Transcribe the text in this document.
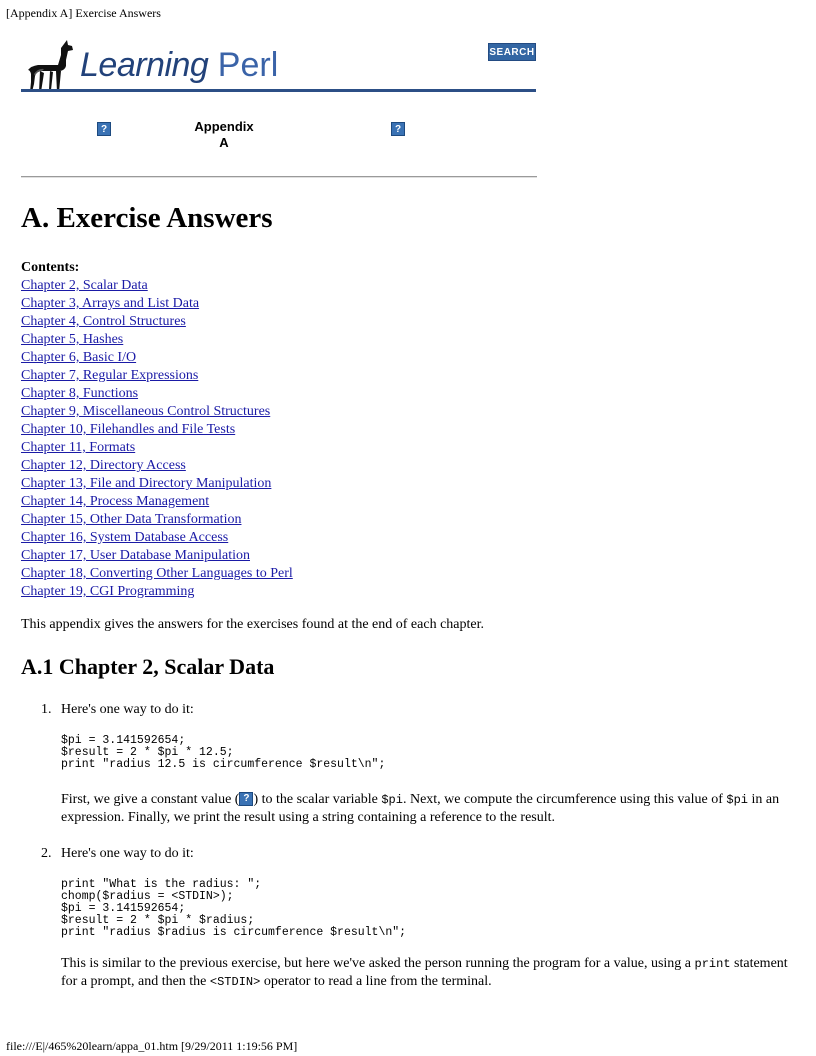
[Appendix A] Exercise Answers
Learning Perl	SEARCH
?	Appendix
A
?
A. Exercise Answers
Contents:
Chapter 2, Scalar Data
Chapter 3, Arrays and List Data
Chapter 4, Control Structures
Chapter 5, Hashes
Chapter 6, Basic I/O
Chapter 7, Regular Expressions
Chapter 8, Functions
Chapter 9, Miscellaneous Control Structures
Chapter 10, Filehandles and File Tests
Chapter 11, Formats
Chapter 12, Directory Access
Chapter 13, File and Directory Manipulation
Chapter 14, Process Management
Chapter 15, Other Data Transformation
Chapter 16, System Database Access
Chapter 17, User Database Manipulation
Chapter 18, Converting Other Languages to Perl
Chapter 19, CGI Programming

This appendix gives the answers for the exercises found at the end of each chapter.

A.1 Chapter 2, Scalar Data
1. Here's one way to do it:
$pi = 3.141592654;
$result = 2 * $pi * 12.5;
print "radius 12.5 is circumference $result\n";
First, we give a constant value ( ? ) to the scalar variable $pi. Next, we compute the circumference using this value of $pi in an expression. Finally, we print the result using a string containing a reference to the result.
2. Here's one way to do it:
print "What is the radius: ";
chomp($radius = <STDIN>);
$pi = 3.141592654;
$result = 2 * $pi * $radius;
print "radius $radius is circumference $result\n";
This is similar to the previous exercise, but here we've asked the person running the program for a value, using a print statement for a prompt, and then the <STDIN> operator to read a line from the terminal.
file:///E|/465%20learn/appa_01.htm [9/29/2011 1:19:56 PM]
